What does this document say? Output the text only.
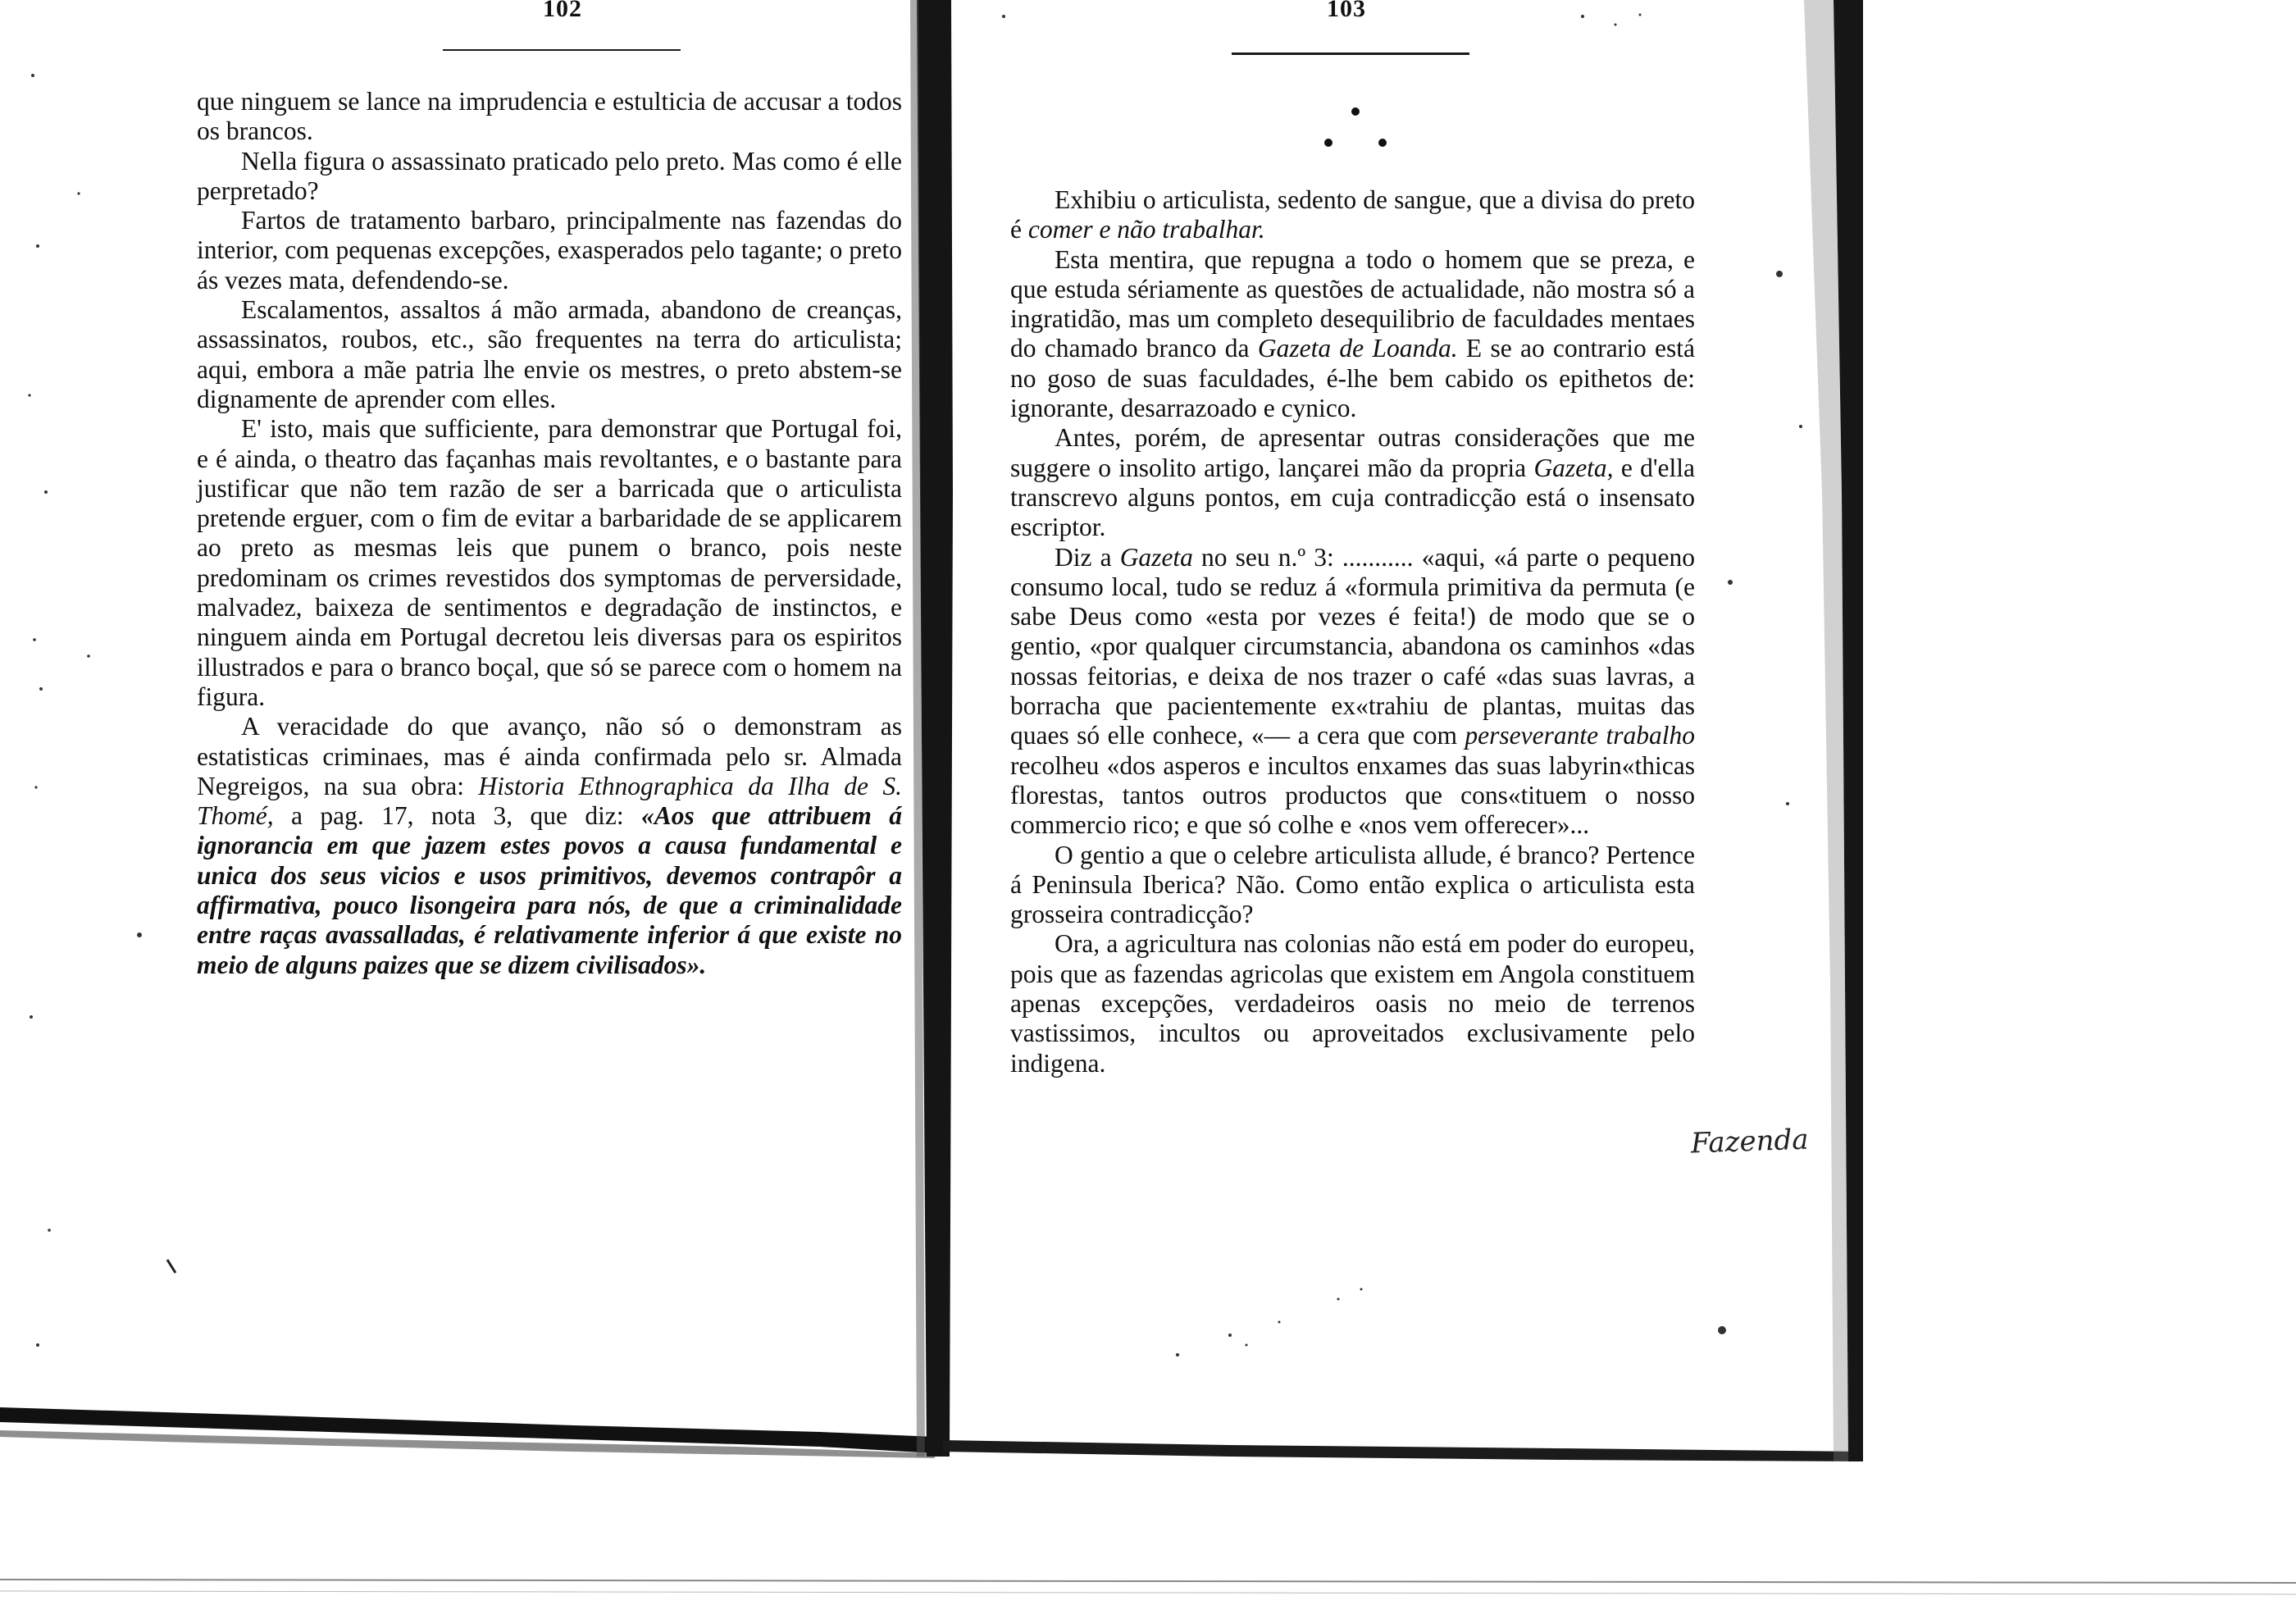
102	103

que ninguem se lance na imprudencia e estulticia de accusar a todos os brancos.

Nella figura o assassinato praticado pelo preto. Mas como é elle perpretado?

Fartos de tratamento barbaro, principalmente nas fazendas do interior, com pequenas excepções, exasperados pelo tagante; o preto ás vezes mata, defendendo-se.

Escalamentos, assaltos á mão armada, abandono de creanças, assassinatos, roubos, etc., são frequentes na terra do articulista; aqui, embora a mãe patria lhe envie os mestres, o preto abstem-se dignamente de aprender com elles.

E' isto, mais que sufficiente, para demonstrar que Portugal foi, e é ainda, o theatro das façanhas mais revoltantes, e o bastante para justificar que não tem razão de ser a barricada que o articulista pretende erguer, com o fim de evitar a barbaridade de se applicarem ao preto as mesmas leis que punem o branco, pois neste predominam os crimes revestidos dos symptomas de perversidade, malvadez, baixeza de sentimentos e degradação de instinctos, e ninguem ainda em Portugal decretou leis diversas para os espiritos illustrados e para o branco boçal, que só se parece com o homem na figura.

A veracidade do que avanço, não só o demonstram as estatisticas criminaes, mas é ainda confirmada pelo sr. Almada Negreigos, na sua obra: Historia Ethnographica da Ilha de S. Thomé, a pag. 17, nota 3, que diz: «Aos que attribuem á ignorancia em que jazem estes povos a causa fundamental e unica dos seus vicios e usos primitivos, devemos contrapôr a affirmativa, pouco lisongeira para nós, de que a criminalidade entre raças avassalladas, é relativamente inferior á que existe no meio de alguns paizes que se dizem civilisados».

Exhibiu o articulista, sedento de sangue, que a divisa do preto é comer e não trabalhar.

Esta mentira, que repugna a todo o homem que se preza, e que estuda sériamente as questões de actualidade, não mostra só a ingratidão, mas um completo desequilibrio de faculdades mentaes do chamado branco da Gazeta de Loanda. E se ao contrario está no goso de suas faculdades, é-lhe bem cabido os epithetos de: ignorante, desarrazoado e cynico.

Antes, porém, de apresentar outras considerações que me suggere o insolito artigo, lançarei mão da propria Gazeta, e d'ella transcrevo alguns pontos, em cuja contradicção está o insensato escriptor.

Diz a Gazeta no seu n.º 3: ........... «aqui, «á parte o pequeno consumo local, tudo se reduz á «formula primitiva da permuta (e sabe Deus como «esta por vezes é feita!) de modo que se o gentio, «por qualquer circumstancia, abandona os caminhos «das nossas feitorias, e deixa de nos trazer o café «das suas lavras, a borracha que pacientemente ex«trahiu de plantas, muitas das quaes só elle conhece, «— a cera que com perseverante trabalho recolheu «dos asperos e incultos enxames das suas labyrin«thicas florestas, tantos outros productos que cons«tituem o nosso commercio rico; e que só colhe e «nos vem offerecer»...

O gentio a que o celebre articulista allude, é branco? Pertence á Peninsula Iberica? Não. Como então explica o articulista esta grosseira contradicção?

Ora, a agricultura nas colonias não está em poder do europeu, pois que as fazendas agricolas que existem em Angola constituem apenas excepções, verdadeiros oasis no meio de terrenos vastissimos, incultos ou aproveitados exclusivamente pelo indigena.

Fazenda
